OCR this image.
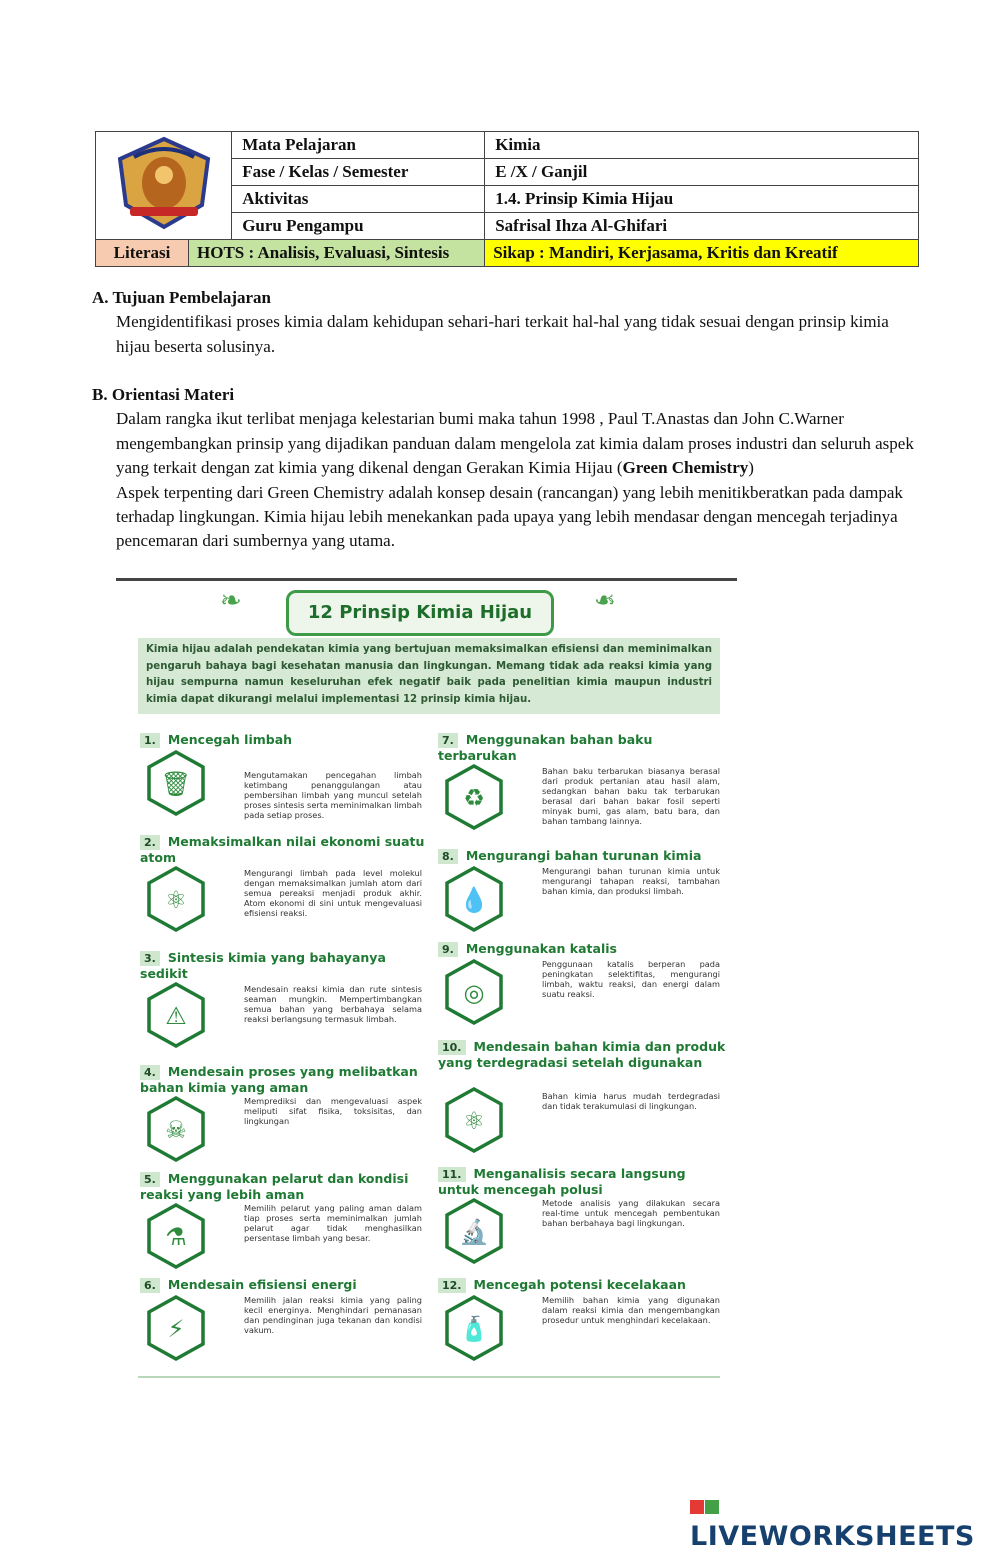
	Mata Pelajaran	Kimia
		Fase / Kelas / Semester	E /X / Ganjil
		Aktivitas	1.4. Prinsip Kimia Hijau
		Guru Pengampu	Safrisal Ihza Al-Ghifari
Literasi	HOTS : Analisis, Evaluasi, Sintesis		Sikap : Mandiri, Kerjasama, Kritis dan Kreatif
A. Tujuan Pembelajaran

Mengidentifikasi proses kimia dalam kehidupan sehari-hari terkait hal-hal yang tidak sesuai dengan prinsip kimia hijau beserta solusinya.

B. Orientasi Materi

Dalam rangka ikut terlibat menjaga kelestarian bumi maka tahun 1998 , Paul T.Anastas dan John C.Warner mengembangkan prinsip yang dijadikan panduan dalam mengelola zat kimia dalam proses industri dan seluruh aspek yang terkait dengan zat kimia yang dikenal dengan Gerakan Kimia Hijau (Green Chemistry)

Aspek terpenting dari Green Chemistry adalah konsep desain (rancangan) yang lebih menitikberatkan pada dampak terhadap lingkungan. Kimia hijau lebih menekankan pada upaya yang lebih mendasar dengan mencegah terjadinya pencemaran dari sumbernya yang utama.

❧	❧
12 Prinsip Kimia Hijau
Kimia hijau adalah pendekatan kimia yang bertujuan memaksimalkan efisiensi dan meminimalkan pengaruh bahaya bagi kesehatan manusia dan lingkungan. Memang tidak ada reaksi kimia yang hijau sempurna namun keseluruhan efek negatif baik pada penelitian kimia maupun industri kimia dapat dikurangi melalui implementasi 12 prinsip kimia hijau.
1. Mencegah limbah
🗑	Mengutamakan pencegahan limbah ketimbang penanggulangan atau pembersihan limbah yang muncul setelah proses sintesis serta meminimalkan limbah pada setiap proses.
2. Memaksimalkan nilai ekonomi suatu atom
⚛
Mengurangi limbah pada level molekul dengan memaksimalkan jumlah atom dari semua pereaksi menjadi produk akhir. Atom ekonomi di sini untuk mengevaluasi efisiensi reaksi.
3. Sintesis kimia yang bahayanya sedikit
⚠
Mendesain reaksi kimia dan rute sintesis seaman mungkin. Mempertimbangkan semua bahan yang berbahaya selama reaksi berlangsung termasuk limbah.
4. Mendesain proses yang melibatkan bahan kimia yang aman
☠
Memprediksi dan mengevaluasi aspek meliputi sifat fisika, toksisitas, dan lingkungan
5. Menggunakan pelarut dan kondisi reaksi yang lebih aman
⚗
Memilih pelarut yang paling aman dalam tiap proses serta meminimalkan jumlah pelarut agar tidak menghasilkan persentase limbah yang besar.
6. Mendesain efisiensi energi
⚡
Memilih jalan reaksi kimia yang paling kecil energinya. Menghindari pemanasan dan pendinginan juga tekanan dan kondisi vakum.
7. Menggunakan bahan baku terbarukan
♻
Bahan baku terbarukan biasanya berasal dari produk pertanian atau hasil alam, sedangkan bahan baku tak terbarukan berasal dari bahan bakar fosil seperti minyak bumi, gas alam, batu bara, dan bahan tambang lainnya.
8. Mengurangi bahan turunan kimia
💧
Mengurangi bahan turunan kimia untuk mengurangi tahapan reaksi, tambahan bahan kimia, dan produksi limbah.
9. Menggunakan katalis
◎
Penggunaan katalis berperan pada peningkatan selektifitas, mengurangi limbah, waktu reaksi, dan energi dalam suatu reaksi.
10. Mendesain bahan kimia dan produk yang terdegradasi setelah digunakan
⚛
Bahan kimia harus mudah terdegradasi dan tidak terakumulasi di lingkungan.
11. Menganalisis secara langsung untuk mencegah polusi
🔬
Metode analisis yang dilakukan secara real-time untuk mencegah pembentukan bahan berbahaya bagi lingkungan.
12. Mencegah potensi kecelakaan
🧴
Memilih bahan kimia yang digunakan dalam reaksi kimia dan mengembangkan prosedur untuk menghindari kecelakaan.
LIVEWORKSHEETS
